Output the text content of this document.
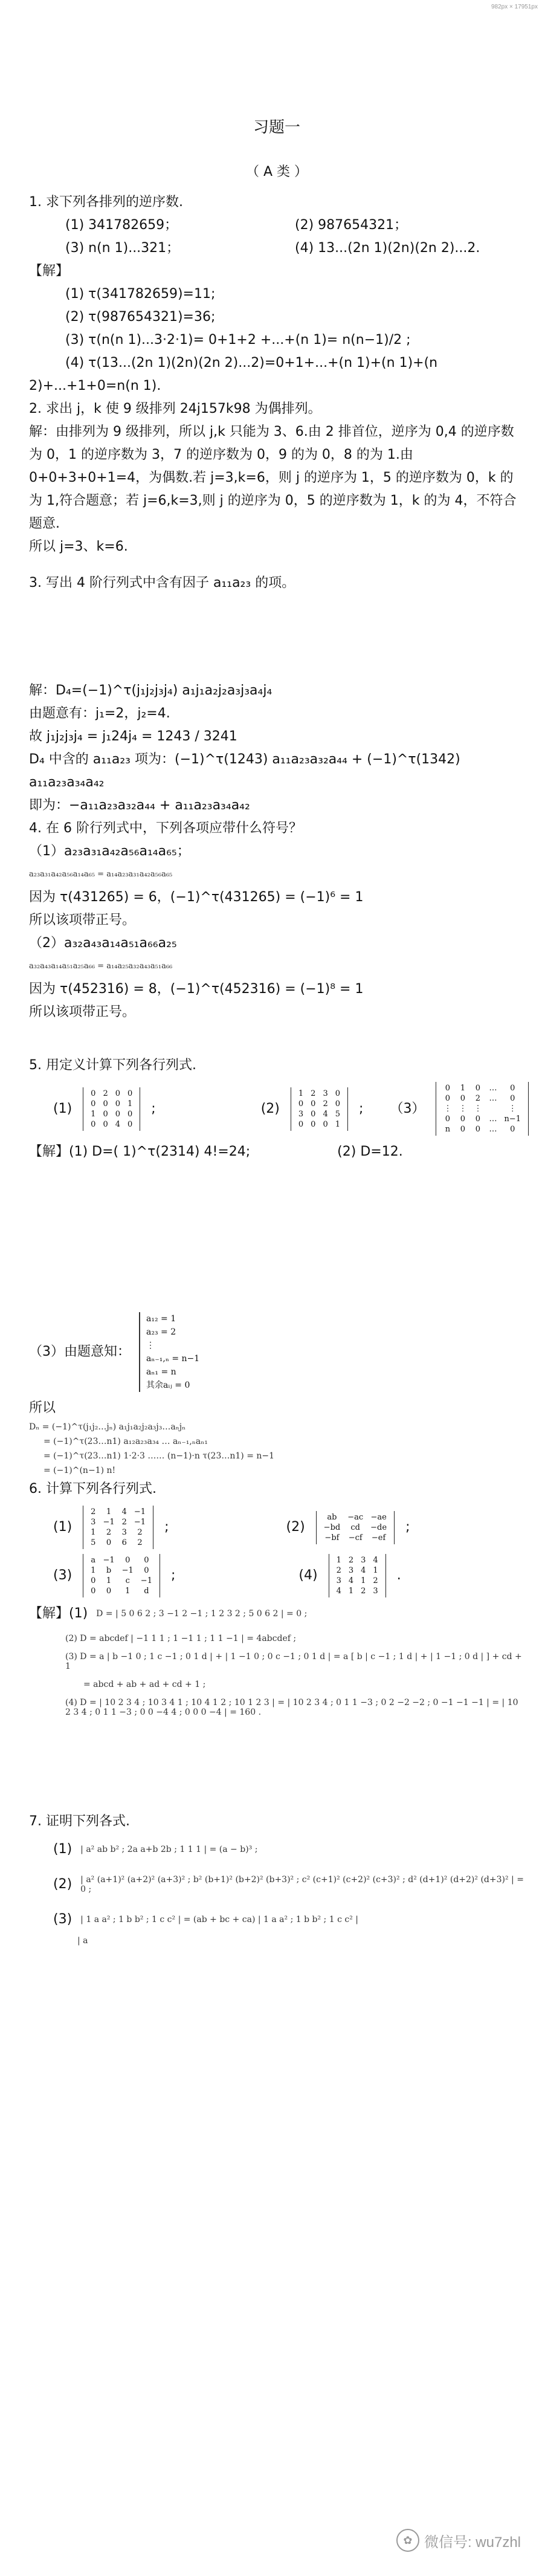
982px × 17951px
习题一
（ A 类 ）

1. 求下列各排列的逆序数.

(1) 341782659；	(2) 987654321；
(3) n(n 1)...321；	(4) 13...(2n 1)(2n)(2n 2)...2.

【解】

(1) τ(341782659)=11;

(2) τ(987654321)=36;

(3) τ(n(n 1)...3·2·1)= 0+1+2 +...+(n 1)= n(n−1)/2 ;

(4) τ(13...(2n 1)(2n)(2n 2)...2)=0+1+...+(n 1)+(n 1)+(n

2)+...+1+0=n(n 1).

2. 求出 j，k 使 9 级排列 24j157k98 为偶排列。

解：由排列为 9 级排列，所以 j,k 只能为 3、6.由 2 排首位，逆序为 0,4 的逆序数为 0，1 的逆序数为 3，7 的逆序数为 0，9 的为 0，8 的为 1.由 0+0+3+0+1=4，为偶数.若 j=3,k=6，则 j 的逆序为 1，5 的逆序数为 0，k 的为 1,符合题意；若 j=6,k=3,则 j 的逆序为 0，5 的逆序数为 1，k 的为 4，不符合题意.

所以 j=3、k=6.

3. 写出 4 阶行列式中含有因子 a₁₁a₂₃ 的项。

解：D₄=(−1)^τ(j₁j₂j₃j₄) a₁j₁a₂j₂a₃j₃a₄j₄

由题意有：j₁=2，j₂=4.

故 j₁j₂j₃j₄ = j₁24j₄ = 1243 / 3241

D₄ 中含的 a₁₁a₂₃ 项为：(−1)^τ(1243) a₁₁a₂₃a₃₂a₄₄ + (−1)^τ(1342) a₁₁a₂₃a₃₄a₄₂

即为：−a₁₁a₂₃a₃₂a₄₄ + a₁₁a₂₃a₃₄a₄₂

4. 在 6 阶行列式中，下列各项应带什么符号？

（1）a₂₃a₃₁a₄₂a₅₆a₁₄a₆₅；

a₂₃a₃₁a₄₂a₅₆a₁₄a₆₅ = a₁₄a₂₃a₃₁a₄₂a₅₆a₆₅

因为 τ(431265) = 6，(−1)^τ(431265) = (−1)⁶ = 1

所以该项带正号。

（2）a₃₂a₄₃a₁₄a₅₁a₆₆a₂₅

a₃₂a₄₃a₁₄a₅₁a₂₅a₆₆ = a₁₄a₂₅a₃₂a₄₃a₅₁a₆₆

因为 τ(452316) = 8，(−1)^τ(452316) = (−1)⁸ = 1

所以该项带正号。

5. 用定义计算下列各行列式.

(1)
0	2	0	0
0	0	0	1
1	0	0	0
0	0	4	0
;	(2)
1	2	3	0
0	0	2	0
3	0	4	5
0	0	0	1
; （3）
0	1	0	…	0
0	0	2	…	0
⋮	⋮	⋮		⋮
0	0	0	…	n−1
n	0	0	…	0
【解】(1) D=( 1)^τ(2314) 4!=24;	(2) D=12.
（3）由题意知：
a₁₂ = 1
a₂₃ = 2
⋮
aₙ₋₁,ₙ = n−1
aₙ₁ = n
其余aᵢⱼ = 0

所以

Dₙ = (−1)^τ(j₁j₂…jₙ) a₁j₁a₂j₂a₃j₃…aₙjₙ
= (−1)^τ(23…n1) a₁₂a₂₃a₃₄ … aₙ₋₁,ₙaₙ₁
= (−1)^τ(23…n1) 1·2·3 …… (n−1)·n τ(23…n1) = n−1
= (−1)^(n−1) n!

6. 计算下列各行列式.

(1)
2	1	4	−1
3	−1	2	−1
1	2	3	2
5	0	6	2
;	(2)
ab	−ac	−ae
−bd	cd	−de
−bf	−cf	−ef
;
(3)
a	−1	0	0
1	b	−1	0
0	1	c	−1
0	0	1	d
;	(4)
1	2	3	4
2	3	4	1
3	4	1	2
4	1	2	3
.
【解】(1) D = | 5 0 6 2 ; 3 −1 2 −1 ; 1 2 3 2 ; 5 0 6 2 | = 0 ;
(2) D = abcdef | −1 1 1 ; 1 −1 1 ; 1 1 −1 | = 4abcdef ;
(3) D = a | b −1 0 ; 1 c −1 ; 0 1 d | + | 1 −1 0 ; 0 c −1 ; 0 1 d | = a [ b | c −1 ; 1 d | + | 1 −1 ; 0 d | ] + cd + 1
= abcd + ab + ad + cd + 1 ;
(4) D = | 10 2 3 4 ; 10 3 4 1 ; 10 4 1 2 ; 10 1 2 3 | = | 10 2 3 4 ; 0 1 1 −3 ; 0 2 −2 −2 ; 0 −1 −1 −1 | = | 10 2 3 4 ; 0 1 1 −3 ; 0 0 −4 4 ; 0 0 0 −4 | = 160 .

7. 证明下列各式.

(1) | a² ab b² ; 2a a+b 2b ; 1 1 1 | = (a − b)³ ;
(2) | a² (a+1)² (a+2)² (a+3)² ; b² (b+1)² (b+2)² (b+3)² ; c² (c+1)² (c+2)² (c+3)² ; d² (d+1)² (d+2)² (d+3)² | = 0 ;
(3) | 1 a a² ; 1 b b² ; 1 c c² | = (ab + bc + ca) | 1 a a² ; 1 b b² ; 1 c c² |
| a
✿ 微信号: wu7zhl
